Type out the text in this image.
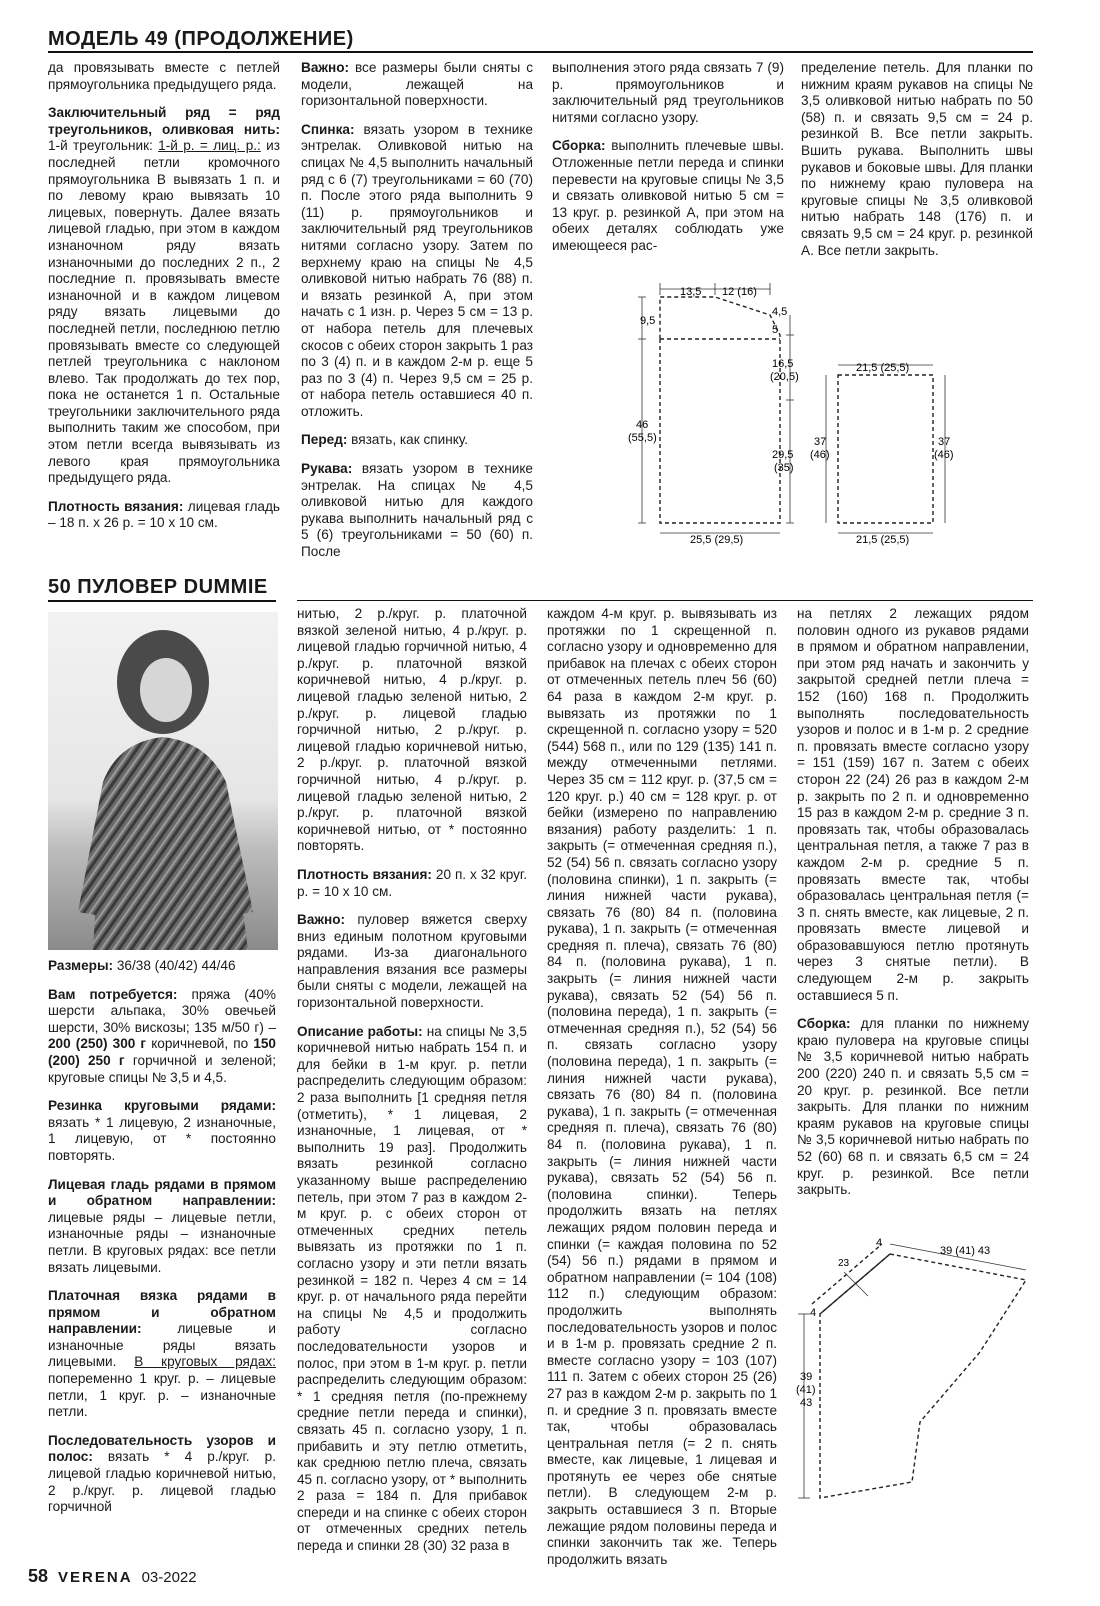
МОДЕЛЬ 49 (ПРОДОЛЖЕНИЕ)

да провязывать вместе с петлей прямоугольника предыдущего ряда.

Заключительный ряд = ряд треугольников, оливковая нить: 1-й треугольник: 1-й р. = лиц. р.: из последней петли кромочного прямоугольника В вывязать 1 п. и по левому краю вывязать 10 лицевых, повернуть. Далее вязать лицевой гладью, при этом в каждом изнаночном ряду вязать изнаночными до последних 2 п., 2 последние п. провязывать вместе изнаночной и в каждом лицевом ряду вязать лицевыми до последней петли, последнюю петлю провязывать вместе со следующей петлей треугольника с наклоном влево. Так продолжать до тех пор, пока не останется 1 п. Остальные треугольники заключительного ряда выполнить таким же способом, при этом петли всегда вывязывать из левого края прямоугольника предыдущего ряда.

Плотность вязания: лицевая гладь – 18 п. х 26 р. = 10 х 10 см.

Важно: все размеры были сняты с модели, лежащей на горизонтальной поверхности.

Спинка: вязать узором в технике энтрелак. Оливковой нитью на спицах № 4,5 выполнить начальный ряд с 6 (7) треугольниками = 60 (70) п. После этого ряда выполнить 9 (11) р. прямоугольников и заключительный ряд треугольников нитями согласно узору. Затем по верхнему краю на спицы № 4,5 оливковой нитью набрать 76 (88) п. и вязать резинкой А, при этом начать с 1 изн. р. Через 5 см = 13 р. от набора петель для плечевых скосов с обеих сторон закрыть 1 раз по 3 (4) п. и в каждом 2-м р. еще 5 раз по 3 (4) п. Через 9,5 см = 25 р. от набора петель оставшиеся 40 п. отложить.

Перед: вязать, как спинку.

Рукава: вязать узором в технике энтрелак. На спицах № 4,5 оливковой нитью для каждого рукава выполнить начальный ряд с 5 (6) треугольниками = 50 (60) п. После

выполнения этого ряда связать 7 (9) р. прямоугольников и заключительный ряд треугольников нитями согласно узору.

Сборка: выполнить плечевые швы. Отложенные петли переда и спинки перевести на круговые спицы № 3,5 и связать оливковой нитью 5 см = 13 круг. р. резинкой А, при этом на обеих деталях соблюдать уже имеющееся рас-

пределение петель. Для планки по нижним краям рукавов на спицы № 3,5 оливковой нитью набрать по 50 (58) п. и связать 9,5 см = 24 р. резинкой В. Все петли закрыть. Вшить рукава. Выполнить швы рукавов и боковые швы. Для планки по нижнему краю пуловера на круговые спицы № 3,5 оливковой нитью набрать 148 (176) п. и связать 9,5 см = 24 круг. р. резинкой А. Все петли закрыть.

13,5 12 (16)
4,5
5
9,5
16,5
(20,5)
46
(55,5)
29,5
(35)
25,5 (29,5)
21,5 (25,5)
21,5 (25,5)
37
(46)
37
(46)
50 ПУЛОВЕР DUMMIE

Размеры: 36/38 (40/42) 44/46

Вам потребуется: пряжа (40% шерсти альпака, 30% овечьей шерсти, 30% вискозы; 135 м/50 г) – 200 (250) 300 г коричневой, по 150 (200) 250 г горчичной и зеленой; круговые спицы № 3,5 и 4,5.

Резинка круговыми рядами: вязать * 1 лицевую, 2 изнаночные, 1 лицевую, от * постоянно повторять.

Лицевая гладь рядами в прямом и обратном направлении: лицевые ряды – лицевые петли, изнаночные ряды – изнаночные петли. В круговых рядах: все петли вязать лицевыми.

Платочная вязка рядами в прямом и обратном направлении: лицевые и изнаночные ряды вязать лицевыми. В круговых рядах: попеременно 1 круг. р. – лицевые петли, 1 круг. р. – изнаночные петли.

Последовательность узоров и полос: вязать * 4 р./круг. р. лицевой гладью коричневой нитью, 2 р./круг. р. лицевой гладью горчичной

нитью, 2 р./круг. р. платочной вязкой зеленой нитью, 4 р./круг. р. лицевой гладью горчичной нитью, 4 р./круг. р. платочной вязкой коричневой нитью, 4 р./круг. р. лицевой гладью зеленой нитью, 2 р./круг. р. лицевой гладью горчичной нитью, 2 р./круг. р. лицевой гладью коричневой нитью, 2 р./круг. р. платочной вязкой горчичной нитью, 4 р./круг. р. лицевой гладью зеленой нитью, 2 р./круг. р. платочной вязкой коричневой нитью, от * постоянно повторять.

Плотность вязания: 20 п. х 32 круг. р. = 10 х 10 см.

Важно: пуловер вяжется сверху вниз единым полотном круговыми рядами. Из-за диагонального направления вязания все размеры были сняты с модели, лежащей на горизонтальной поверхности.

Описание работы: на спицы № 3,5 коричневой нитью набрать 154 п. и для бейки в 1-м круг. р. петли распределить следующим образом: 2 раза выполнить [1 средняя петля (отметить), * 1 лицевая, 2 изнаночные, 1 лицевая, от * выполнить 19 раз]. Продолжить вязать резинкой согласно указанному выше распределению петель, при этом 7 раз в каждом 2-м круг. р. с обеих сторон от отмеченных средних петель вывязать из протяжки по 1 п. согласно узору и эти петли вязать резинкой = 182 п. Через 4 см = 14 круг. р. от начального ряда перейти на спицы № 4,5 и продолжить работу согласно последовательности узоров и полос, при этом в 1-м круг. р. петли распределить следующим образом: * 1 средняя петля (по-прежнему средние петли переда и спинки), связать 45 п. согласно узору, 1 п. прибавить и эту петлю отметить, как среднюю петлю плеча, связать 45 п. согласно узору, от * выполнить 2 раза = 184 п. Для прибавок спереди и на спинке с обеих сторон от отмеченных средних петель переда и спинки 28 (30) 32 раза в

каждом 4-м круг. р. вывязывать из протяжки по 1 скрещенной п. согласно узору и одновременно для прибавок на плечах с обеих сторон от отмеченных петель плеч 56 (60) 64 раза в каждом 2-м круг. р. вывязать из протяжки по 1 скрещенной п. согласно узору = 520 (544) 568 п., или по 129 (135) 141 п. между отмеченными петлями. Через 35 см = 112 круг. р. (37,5 см = 120 круг. р.) 40 см = 128 круг. р. от бейки (измерено по направлению вязания) работу разделить: 1 п. закрыть (= отмеченная средняя п.), 52 (54) 56 п. связать согласно узору (половина спинки), 1 п. закрыть (= линия нижней части рукава), связать 76 (80) 84 п. (половина рукава), 1 п. закрыть (= отмеченная средняя п. плеча), связать 76 (80) 84 п. (половина рукава), 1 п. закрыть (= линия нижней части рукава), связать 52 (54) 56 п. (половина переда), 1 п. закрыть (= отмеченная средняя п.), 52 (54) 56 п. связать согласно узору (половина переда), 1 п. закрыть (= линия нижней части рукава), связать 76 (80) 84 п. (половина рукава), 1 п. закрыть (= отмеченная средняя п. плеча), связать 76 (80) 84 п. (половина рукава), 1 п. закрыть (= линия нижней части рукава), связать 52 (54) 56 п. (половина спинки). Теперь продолжить вязать на петлях лежащих рядом половин переда и спинки (= каждая половина по 52 (54) 56 п.) рядами в прямом и обратном направлении (= 104 (108) 112 п.) следующим образом: продолжить выполнять последовательность узоров и полос и в 1-м р. провязать средние 2 п. вместе согласно узору = 103 (107) 111 п. Затем с обеих сторон 25 (26) 27 раз в каждом 2-м р. закрыть по 1 п. и средние 3 п. провязать вместе так, чтобы образовалась центральная петля (= 2 п. снять вместе, как лицевые, 1 лицевая и протянуть ее через обе снятые петли). В следующем 2-м р. закрыть оставшиеся 3 п. Вторые лежащие рядом половины переда и спинки закончить так же. Теперь продолжить вязать

на петлях 2 лежащих рядом половин одного из рукавов рядами в прямом и обратном направлении, при этом ряд начать и закончить у закрытой средней петли плеча = 152 (160) 168 п. Продолжить выполнять последовательность узоров и полос и в 1-м р. 2 средние п. провязать вместе согласно узору = 151 (159) 167 п. Затем с обеих сторон 22 (24) 26 раз в каждом 2-м р. закрыть по 2 п. и одновременно 15 раз в каждом 2-м р. средние 3 п. провязать так, чтобы образовалась центральная петля, а также 7 раз в каждом 2-м р. средние 5 п. провязать вместе так, чтобы образовалась центральная петля (= 3 п. снять вместе, как лицевые, 2 п. провязать вместе лицевой и образовавшуюся петлю протянуть через 3 снятые петли). В следующем 2-м р. закрыть оставшиеся 5 п.

Сборка: для планки по нижнему краю пуловера на круговые спицы № 3,5 коричневой нитью набрать 200 (220) 240 п. и связать 5,5 см = 20 круг. р. резинкой. Все петли закрыть. Для планки по нижним краям рукавов на круговые спицы № 3,5 коричневой нитью набрать по 52 (60) 68 п. и связать 6,5 см = 24 круг. р. резинкой. Все петли закрыть.

4
39 (41) 43
23
4
39
(41)
43
58 VERENA 03-2022
